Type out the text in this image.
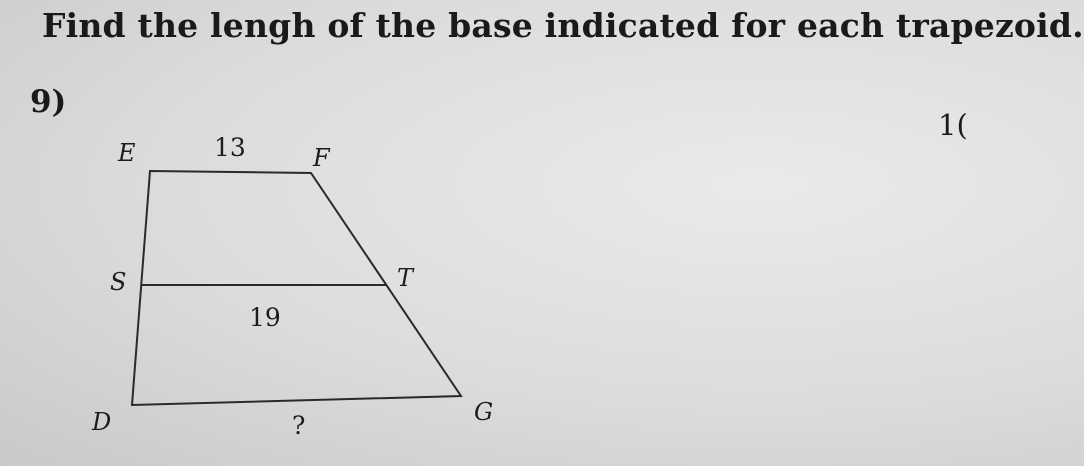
Find the lengh of the base indicated for each trapezoid.
9)
1(
E	F
S	T
D	G
13
19
?
